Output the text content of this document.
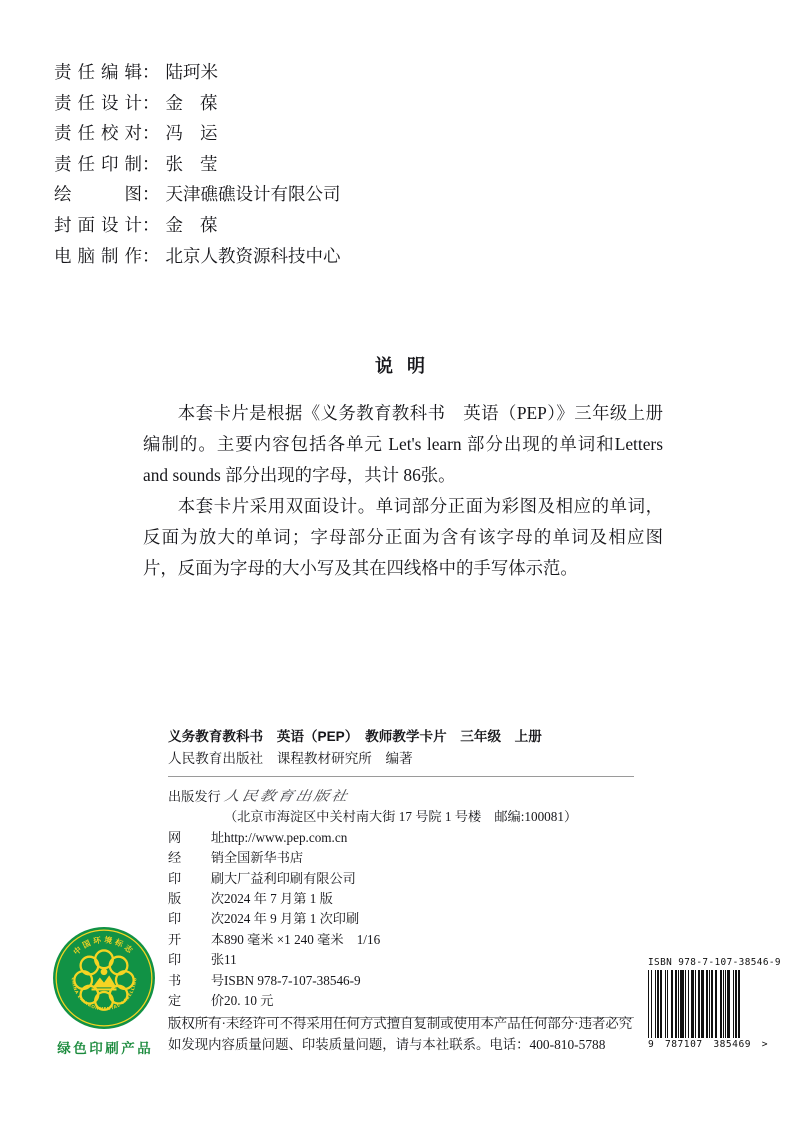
责 任 编 辑 ： 陆珂米
责 任 设 计 ： 金 葆
责 任 校 对 ： 冯 运
责 任 印 制 ： 张 莹
绘	图 ： 天津礁礁设计有限公司
封 面 设 计 ： 金 葆
电 脑 制 作 ： 北京人教资源科技中心
说明

本套卡片是根据《义务教育教科书　英语（PEP）》三年级上册编制的。主要内容包括各单元 Let's learn 部分出现的单词和Letters and sounds 部分出现的字母，共计 86张。

本套卡片采用双面设计。单词部分正面为彩图及相应的单词，反面为放大的单词；字母部分正面为含有该字母的单词及相应图片，反面为字母的大小写及其在四线格中的手写体示范。

义务教育教科书　英语（PEP）　教师教学卡片　三年级　上册
人民教育出版社　课程教材研究所　编著
出版发行 人民教育出版社
（北京市海淀区中关村南大街 17 号院 1 号楼　邮编:100081）
网 址 http://www.pep.com.cn
经 销 全国新华书店
印 刷 大厂益利印刷有限公司
版 次 2024 年 7 月第 1 版
印 次 2024 年 9 月第 1 次印刷
开 本 890 毫米 ×1 240 毫米　1/16
印 张 11
书 号 ISBN 978-7-107-38546-9
定 价 20. 10 元
版权所有·未经许可不得采用任何方式擅自复制或使用本产品任何部分·违者必究
如发现内容质量问题、印装质量问题，请与本社联系。电话：400-810-5788
中国环境标志
CHINA ENVIRONMENTAL LABELLING
绿色印刷产品
ISBN 978-7-107-38546-9
9 787107 385469 >
